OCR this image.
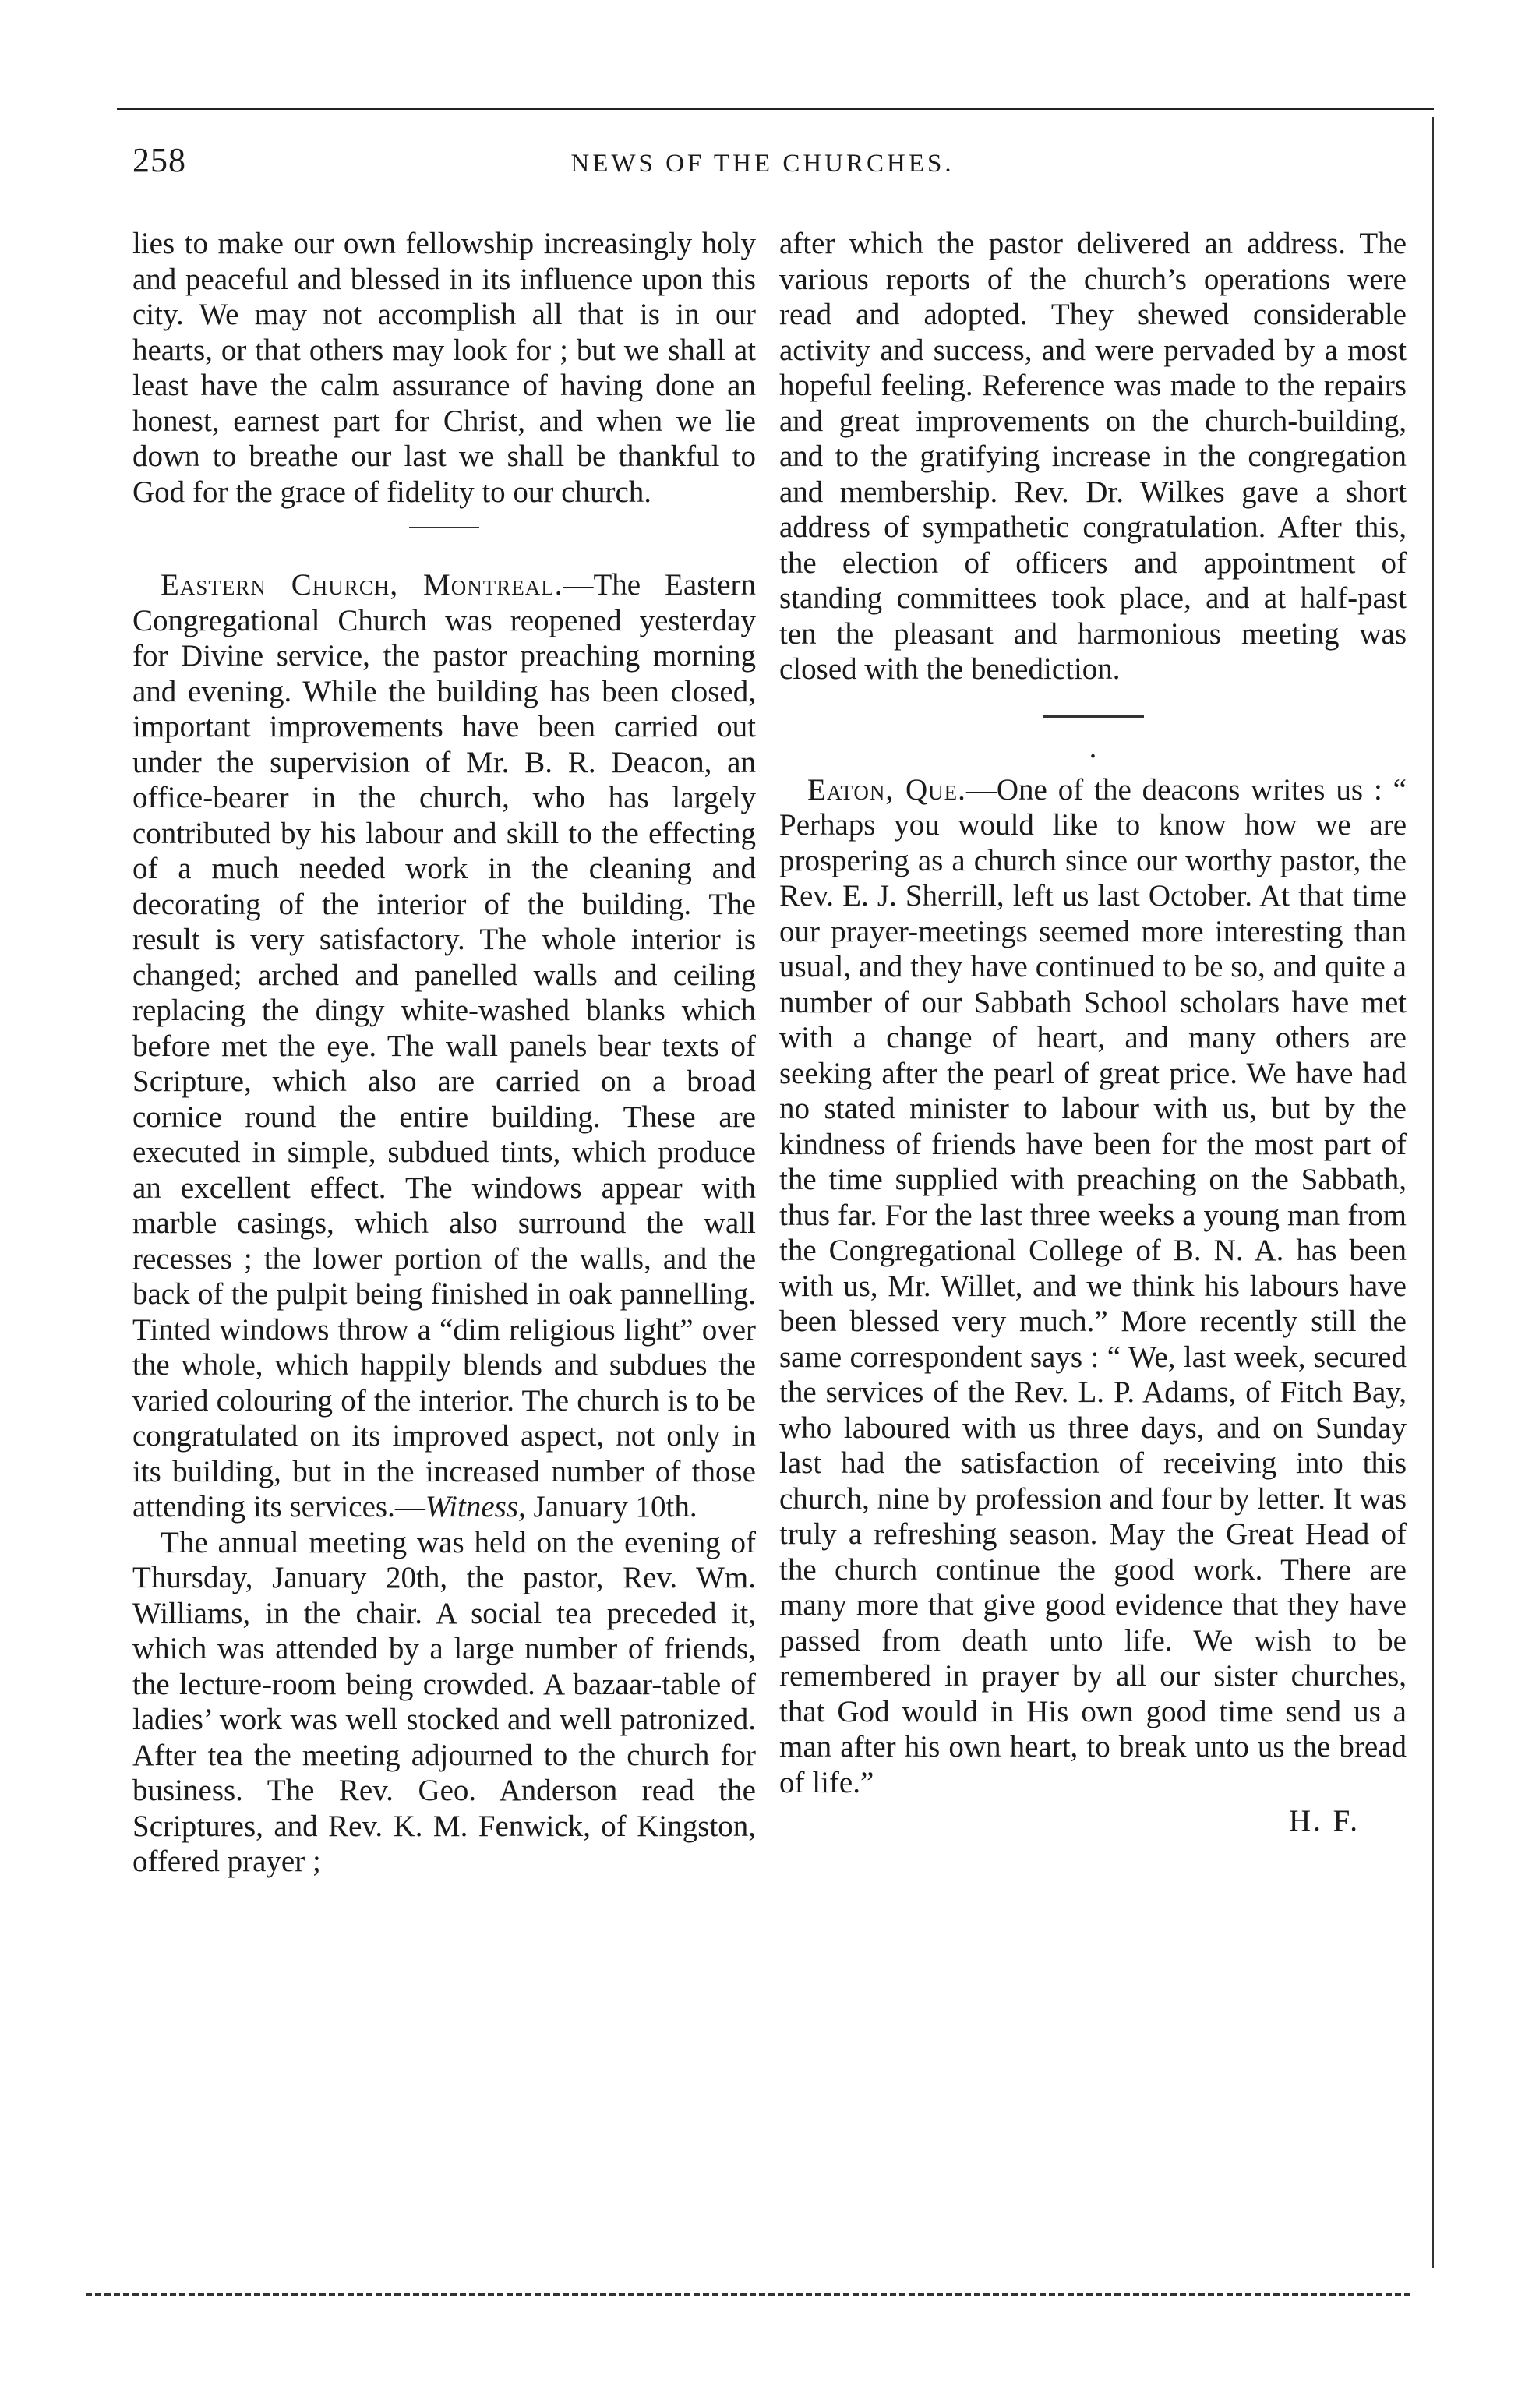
258	NEWS OF THE CHURCHES.

lies to make our own fellowship increasingly holy and peaceful and blessed in its influence upon this city. We may not accomplish all that is in our hearts, or that others may look for ; but we shall at least have the calm assurance of having done an honest, earnest part for Christ, and when we lie down to breathe our last we shall be thankful to God for the grace of fidelity to our church.

Eastern Church, Montreal.—The Eastern Congregational Church was reopened yesterday for Divine service, the pastor preaching morning and evening. While the building has been closed, important improvements have been carried out under the supervision of Mr. B. R. Deacon, an office-bearer in the church, who has largely contributed by his labour and skill to the effecting of a much needed work in the cleaning and decorating of the interior of the building. The result is very satisfactory. The whole interior is changed; arched and panelled walls and ceiling replacing the dingy white-washed blanks which before met the eye. The wall panels bear texts of Scripture, which also are carried on a broad cornice round the entire building. These are executed in simple, subdued tints, which produce an excellent effect. The windows appear with marble casings, which also surround the wall recesses ; the lower portion of the walls, and the back of the pulpit being finished in oak pannelling. Tinted windows throw a “dim religious light” over the whole, which happily blends and subdues the varied colouring of the interior. The church is to be congratulated on its improved aspect, not only in its building, but in the increased number of those attending its services.—Witness, January 10th.

The annual meeting was held on the evening of Thursday, January 20th, the pastor, Rev. Wm. Williams, in the chair. A social tea preceded it, which was attended by a large number of friends, the lecture-room being crowded. A bazaar-table of ladies’ work was well stocked and well patronized. After tea the meeting adjourned to the church for business. The Rev. Geo. Anderson read the Scriptures, and Rev. K. M. Fenwick, of Kingston, offered prayer ;

after which the pastor delivered an address. The various reports of the church’s operations were read and adopted. They shewed considerable activity and success, and were pervaded by a most hopeful feeling. Reference was made to the repairs and great improvements on the church-building, and to the gratifying increase in the congregation and membership. Rev. Dr. Wilkes gave a short address of sympathetic congratulation. After this, the election of officers and appointment of standing committees took place, and at half-past ten the pleasant and harmonious meeting was closed with the benediction.

·

Eaton, Que.—One of the deacons writes us : “ Perhaps you would like to know how we are prospering as a church since our worthy pastor, the Rev. E. J. Sherrill, left us last October. At that time our prayer-meetings seemed more interesting than usual, and they have continued to be so, and quite a number of our Sabbath School scholars have met with a change of heart, and many others are seeking after the pearl of great price. We have had no stated minister to labour with us, but by the kindness of friends have been for the most part of the time supplied with preaching on the Sabbath, thus far. For the last three weeks a young man from the Congregational College of B. N. A. has been with us, Mr. Willet, and we think his labours have been blessed very much.” More recently still the same correspondent says : “ We, last week, secured the services of the Rev. L. P. Adams, of Fitch Bay, who laboured with us three days, and on Sunday last had the satisfaction of receiving into this church, nine by profession and four by letter. It was truly a refreshing season. May the Great Head of the church continue the good work. There are many more that give good evidence that they have passed from death unto life. We wish to be remembered in prayer by all our sister churches, that God would in His own good time send us a man after his own heart, to break unto us the bread of life.”

H. F.
